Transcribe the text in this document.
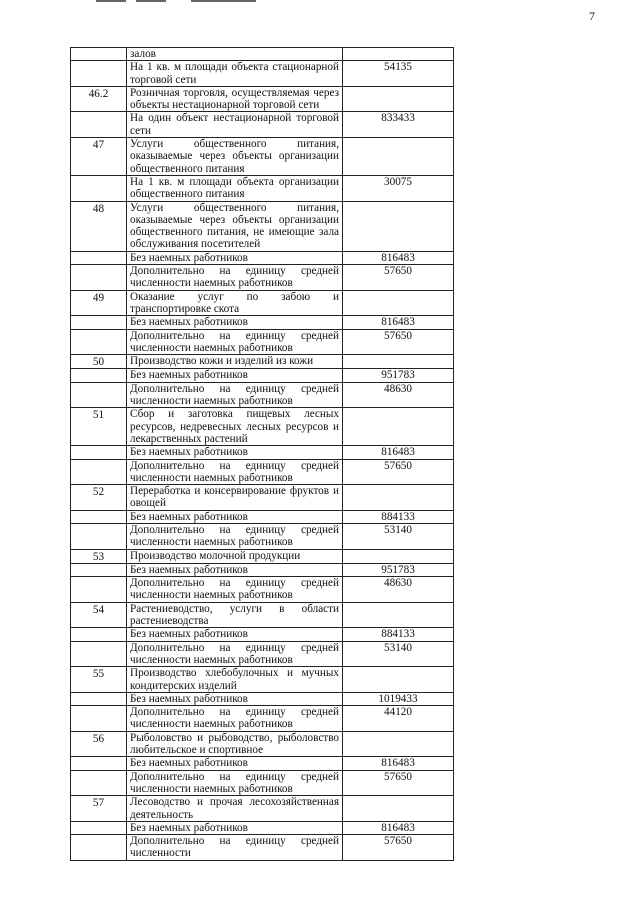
7
	залов	
	На 1 кв. м площади объекта стационарной торговой сети	54135
46.2	Розничная торговля, осуществляемая через объекты нестационарной торговой сети	
	На один объект нестационарной торговой сети	833433
47	Услуги общественного питания, оказываемые через объекты организации общественного питания	
	На 1 кв. м площади объекта организации общественного питания	30075
48	Услуги общественного питания, оказываемые через объекты организации общественного питания, не имеющие зала обслуживания посетителей	
	Без наемных работников	816483
	Дополнительно на единицу средней численности наемных работников	57650
49	Оказание услуг по забою и транспортировке скота	
	Без наемных работников	816483
	Дополнительно на единицу средней численности наемных работников	57650
50	Производство кожи и изделий из кожи	
	Без наемных работников	951783
	Дополнительно на единицу средней численности наемных работников	48630
51	Сбор и заготовка пищевых лесных ресурсов, недревесных лесных ресурсов и лекарственных растений	
	Без наемных работников	816483
	Дополнительно на единицу средней численности наемных работников	57650
52	Переработка и консервирование фруктов и овощей	
	Без наемных работников	884133
	Дополнительно на единицу средней численности наемных работников	53140
53	Производство молочной продукции	
	Без наемных работников	951783
	Дополнительно на единицу средней численности наемных работников	48630
54	Растениеводство, услуги в области растениеводства	
	Без наемных работников	884133
	Дополнительно на единицу средней численности наемных работников	53140
55	Производство хлебобулочных и мучных кондитерских изделий	
	Без наемных работников	1019433
	Дополнительно на единицу средней численности наемных работников	44120
56	Рыболовство и рыбоводство, рыболовство любительское и спортивное	
	Без наемных работников	816483
	Дополнительно на единицу средней численности наемных работников	57650
57	Лесоводство и прочая лесохозяйственная деятельность	
	Без наемных работников	816483
	Дополнительно на единицу средней численности	57650
